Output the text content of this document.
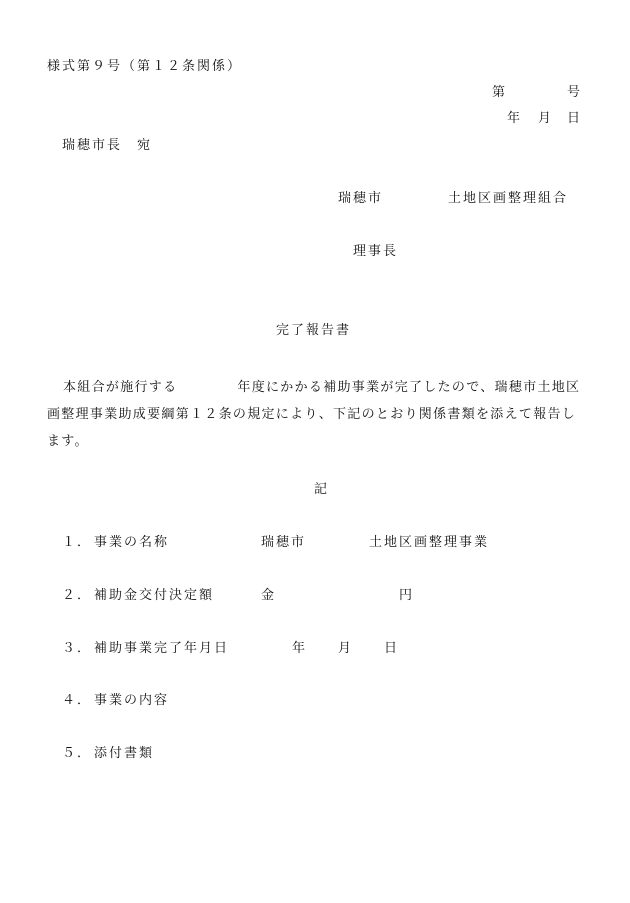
様式第９号（第１２条関係）
第	号
年 月 日
瑞穂市長　宛
瑞穂市	土地区画整理組合
理事長
完了報告書
本組合が施行する	年度にかかる補助事業が完了したので、瑞穂市土地区画整理事業助成要綱第１２条の規定により、下記のとおり関係書類を添えて報告します。
記
１． 事業の名称	瑞穂市	土地区画整理事業
２． 補助金交付決定額	金	円
３． 補助事業完了年月日	年 月 日
４． 事業の内容
５． 添付書類
